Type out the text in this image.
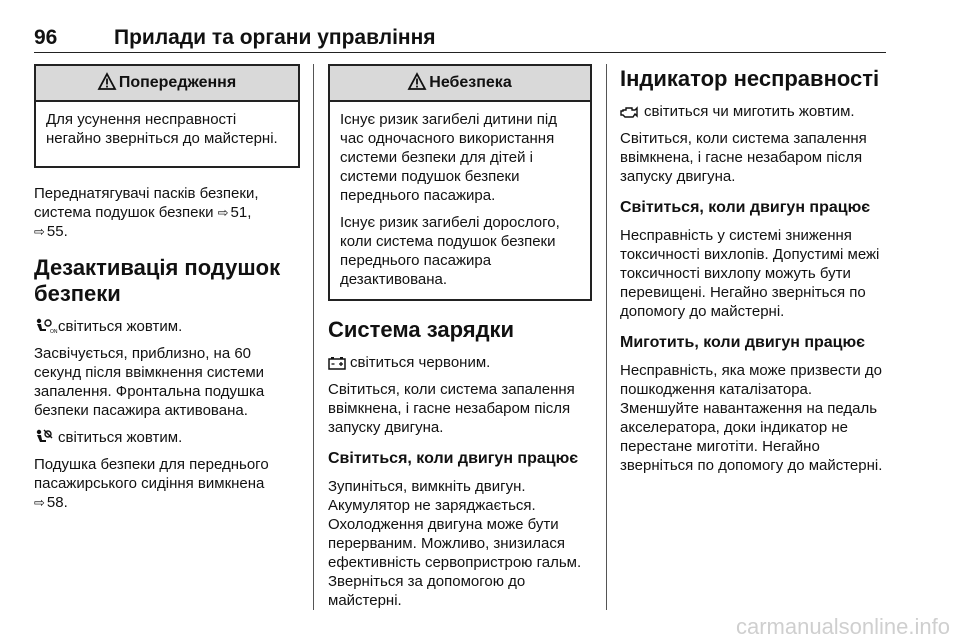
96	Прилади та органи управління
Попередження

Для усунення несправності негайно зверніться до майстерні.

Переднатягувачі пасків безпеки, система подушок безпеки ⇨ 51,
⇨ 55.

Дезактивація подушок безпеки

ON світиться жовтим.

Засвічується, приблизно, на 60 секунд після ввімкнення системи запалення. Фронтальна подушка безпеки пасажира активована.

світиться жовтим.

Подушка безпеки для переднього пасажирського сидіння вимкнена
⇨ 58.

Небезпека

Існує ризик загибелі дитини під час одночасного використання системи безпеки для дітей і системи подушок безпеки переднього пасажира.

Існує ризик загибелі дорослого, коли система подушок безпеки переднього пасажира дезактивована.

Система зарядки

світиться червоним.

Світиться, коли система запалення ввімкнена, і гасне незабаром після запуску двигуна.

Світиться, коли двигун працює

Зупиніться, вимкніть двигун. Акумулятор не заряджається. Охолодження двигуна може бути перерваним. Можливо, знизилася ефективність сервопристрою гальм. Зверніться за допомогою до майстерні.

Індикатор несправності

світиться чи миготить жовтим.

Світиться, коли система запалення ввімкнена, і гасне незабаром після запуску двигуна.

Світиться, коли двигун працює

Несправність у системі зниження токсичності вихлопів. Допустимі межі токсичності вихлопу можуть бути перевищені. Негайно зверніться по допомогу до майстерні.

Миготить, коли двигун працює

Несправність, яка може призвести до пошкодження каталізатора. Зменшуйте навантаження на педаль акселератора, доки індикатор не перестане миготіти. Негайно зверніться по допомогу до майстерні.

carmanualsonline.info
